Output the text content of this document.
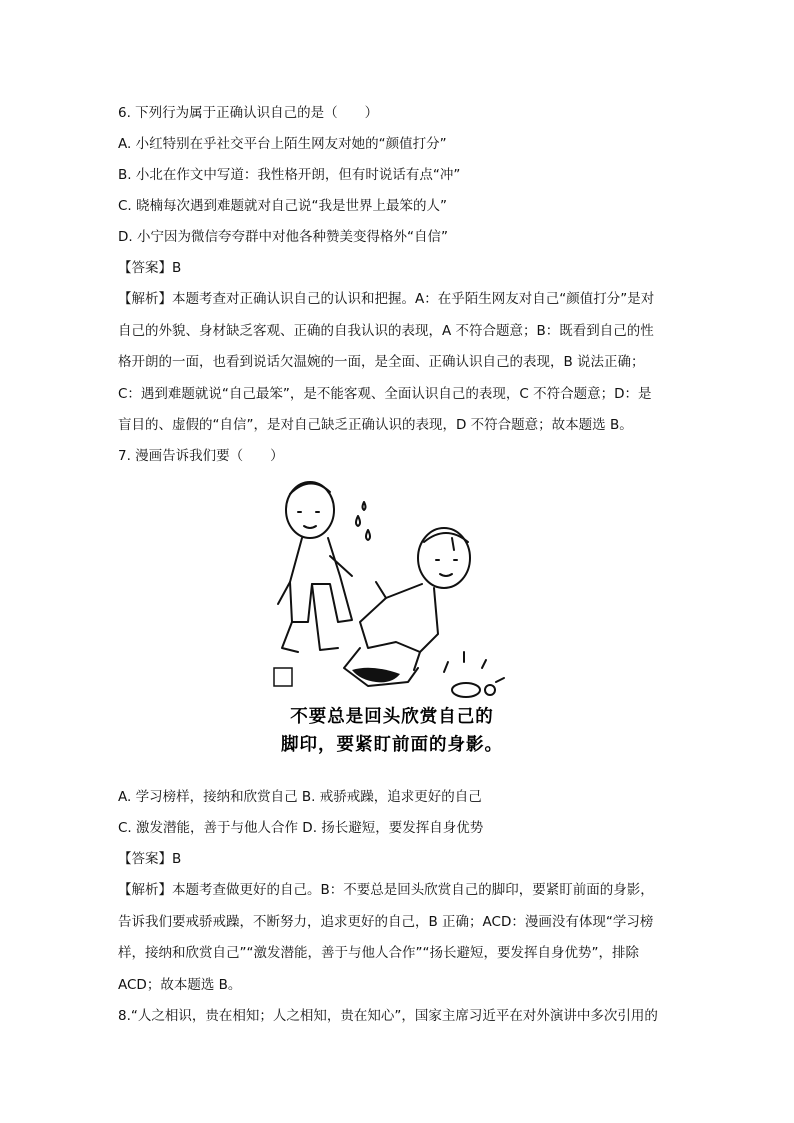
6. 下列行为属于正确认识自己的是（　　）
A. 小红特别在乎社交平台上陌生网友对她的“颜值打分”
B. 小北在作文中写道：我性格开朗，但有时说话有点“冲”
C. 晓楠每次遇到难题就对自己说“我是世界上最笨的人”
D. 小宁因为微信夸夸群中对他各种赞美变得格外“自信”
【答案】B
【解析】本题考查对正确认识自己的认识和把握。A：在乎陌生网友对自己“颜值打分”是对
自己的外貌、身材缺乏客观、正确的自我认识的表现，A 不符合题意；B：既看到自己的性
格开朗的一面，也看到说话欠温婉的一面，是全面、正确认识自己的表现，B 说法正确；
C：遇到难题就说“自己最笨”，是不能客观、全面认识自己的表现，C 不符合题意；D：是
盲目的、虚假的“自信”，是对自己缺乏正确认识的表现，D 不符合题意；故本题选 B。
7. 漫画告诉我们要（　　）
不要总是回头欣赏自己的
脚印，要紧盯前面的身影。
A. 学习榜样，接纳和欣赏自己 B. 戒骄戒躁，追求更好的自己
C. 激发潜能，善于与他人合作 D. 扬长避短，要发挥自身优势
【答案】B
【解析】本题考查做更好的自己。B：不要总是回头欣赏自己的脚印，要紧盯前面的身影，
告诉我们要戒骄戒躁，不断努力，追求更好的自己，B 正确；ACD：漫画没有体现“学习榜
样，接纳和欣赏自己”“激发潜能，善于与他人合作”“扬长避短，要发挥自身优势”，排除
ACD；故本题选 B。
8.“人之相识，贵在相知；人之相知，贵在知心”，国家主席习近平在对外演讲中多次引用的
